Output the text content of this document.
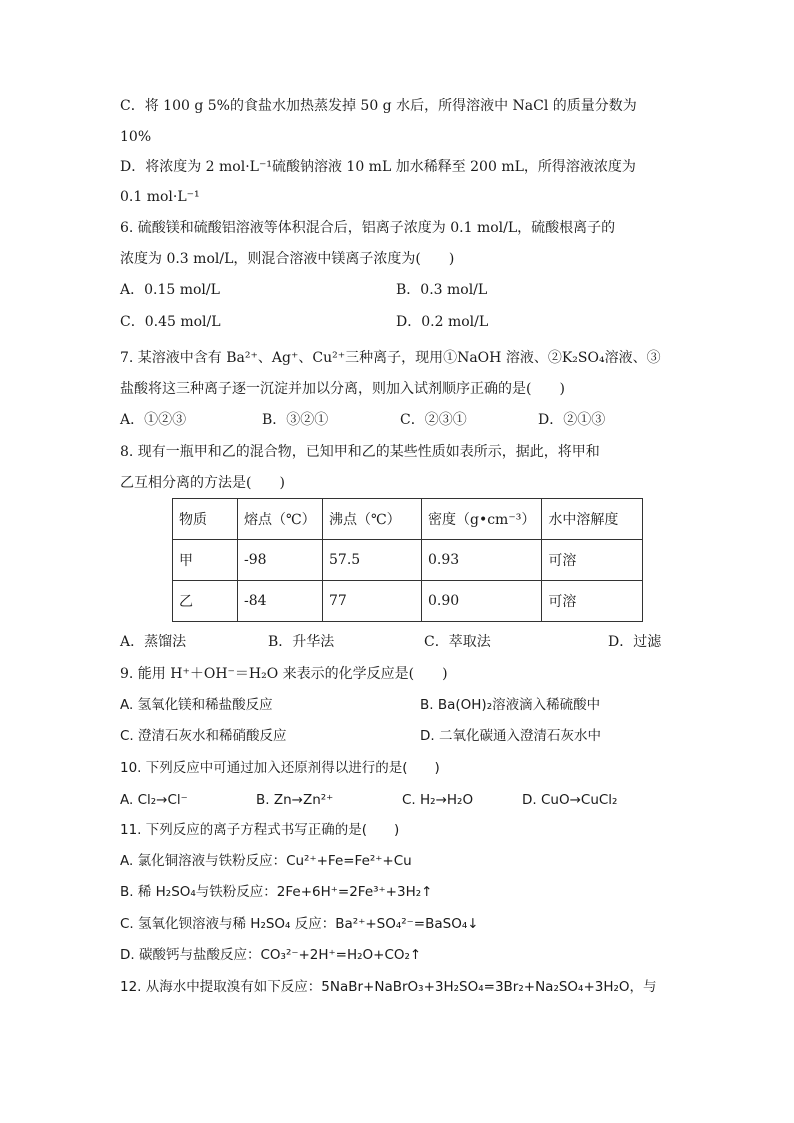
C．将 100 g 5%的食盐水加热蒸发掉 50 g 水后，所得溶液中 NaCl 的质量分数为
10%
D．将浓度为 2 mol·L⁻¹硫酸钠溶液 10 mL 加水稀释至 200 mL，所得溶液浓度为
0.1 mol·L⁻¹
6. 硫酸镁和硫酸铝溶液等体积混合后，铝离子浓度为 0.1 mol/L，硫酸根离子的
浓度为 0.3 mol/L，则混合溶液中镁离子浓度为(　　)
A．0.15 mol/L	B．0.3 mol/L
C．0.45 mol/L	D．0.2 mol/L
7. 某溶液中含有 Ba²⁺、Ag⁺、Cu²⁺三种离子，现用①NaOH 溶液、②K₂SO₄溶液、③
盐酸将这三种离子逐一沉淀并加以分离，则加入试剂顺序正确的是(　　)
A．①②③	B．③②①	C．②③①	D．②①③
8. 现有一瓶甲和乙的混合物，已知甲和乙的某些性质如表所示，据此，将甲和
乙互相分离的方法是(　　)
物质	熔点（℃）	沸点（℃）	密度（g•cm⁻³）	水中溶解度
甲	-98	57.5	0.93	可溶
乙	-84	77	0.90	可溶
A．蒸馏法	B．升华法	C．萃取法	D．过滤
9. 能用 H⁺＋OH⁻＝H₂O 来表示的化学反应是(　　)
A. 氢氧化镁和稀盐酸反应	B. Ba(OH)₂溶液滴入稀硫酸中
C. 澄清石灰水和稀硝酸反应	D. 二氧化碳通入澄清石灰水中
10. 下列反应中可通过加入还原剂得以进行的是(　　)
A. Cl₂→Cl⁻	B. Zn→Zn²⁺	C. H₂→H₂O	D. CuO→CuCl₂
11. 下列反应的离子方程式书写正确的是(　　)
A. 氯化铜溶液与铁粉反应：Cu²⁺+Fe=Fe²⁺+Cu
B. 稀 H₂SO₄与铁粉反应：2Fe+6H⁺=2Fe³⁺+3H₂↑
C. 氢氧化钡溶液与稀 H₂SO₄ 反应：Ba²⁺+SO₄²⁻=BaSO₄↓
D. 碳酸钙与盐酸反应：CO₃²⁻+2H⁺=H₂O+CO₂↑
12. 从海水中提取溴有如下反应：5NaBr+NaBrO₃+3H₂SO₄=3Br₂+Na₂SO₄+3H₂O，与
